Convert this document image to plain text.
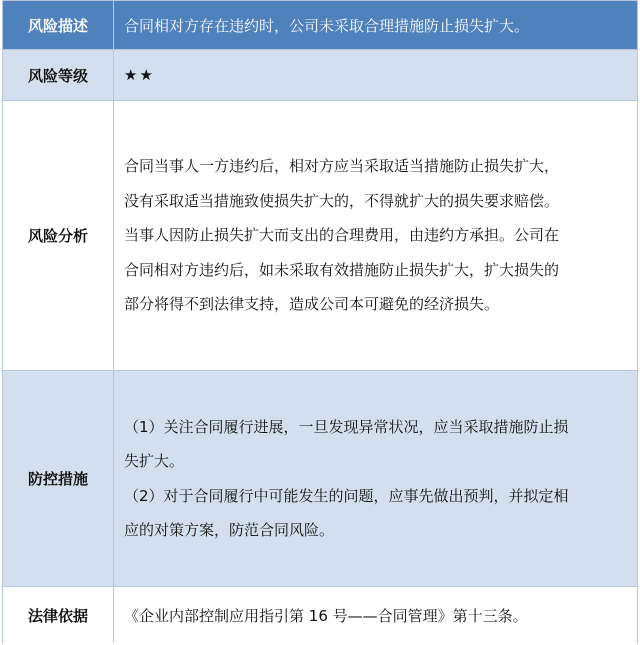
风险描述	合同相对方存在违约时，公司未采取合理措施防止损失扩大。
风险等级	★★
风险分析	合同当事人一方违约后，相对方应当采取适当措施防止损失扩大，

没有采取适当措施致使损失扩大的，不得就扩大的损失要求赔偿。

当事人因防止损失扩大而支出的合理费用，由违约方承担。公司在

合同相对方违约后，如未采取有效措施防止损失扩大，扩大损失的

部分将得不到法律支持，造成公司本可避免的经济损失。

防控措施	（1）关注合同履行进展，一旦发现异常状况，应当采取措施防止损

失扩大。

（2）对于合同履行中可能发生的问题，应事先做出预判，并拟定相

应的对策方案，防范合同风险。

法律依据	《企业内部控制应用指引第 16 号——合同管理》第十三条。
